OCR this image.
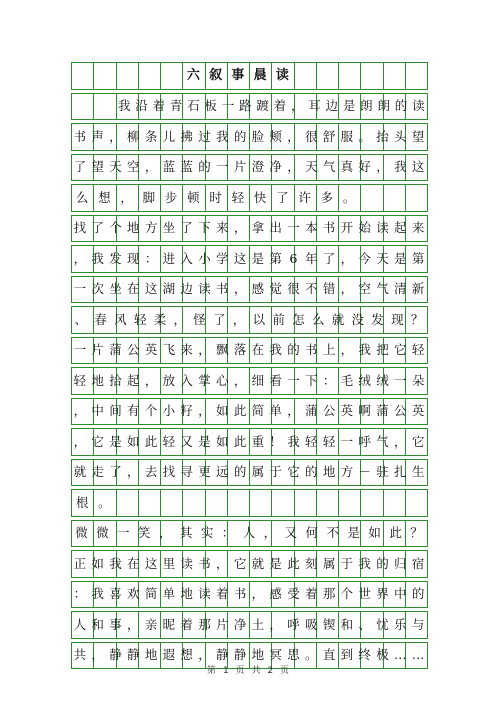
六 叙 事 晨 读
我 沿 着 青 石 板 一 路 踱 着 ， 耳 边 是 朗 朗 的 读
书 声 ， 柳 条 儿 拂 过 我 的 脸 颊 ， 很 舒 服 。 抬 头 望
了 望 天 空 ， 蓝 蓝 的 一 片 澄 净 ， 天 气 真 好 ， 我 这
么 想 ， 脚 步 顿 时 轻 快 了 许 多 。
找 了 个 地 方 坐 了 下 来 ， 拿 出 一 本 书 开 始 读 起 来
， 我 发 现 ： 进 入 小 学 这 是 第 6 年 了 ， 今 天 是 第
一 次 坐 在 这 湖 边 读 书 ， 感 觉 很 不 错 ， 空 气 清 新
、 春 风 轻 柔 ， 怪 了 ， 以 前 怎 么 就 没 发 现 ？
一 片 蒲 公 英 飞 来 ， 飘 落 在 我 的 书 上 ， 我 把 它 轻
轻 地 拾 起 ， 放 入 掌 心 ， 细 看 一 下 ： 毛 绒 绒 一 朵
， 中 间 有 个 小 籽 ， 如 此 简 单 ， 蒲 公 英 啊 蒲 公 英
， 它 是 如 此 轻 又 是 如 此 重 ！ 我 轻 轻 一 呼 气 ， 它
就 走 了 ， 去 找 寻 更 远 的 属 于 它 的 地 方 － 驻 扎 生
根 。
微 微 一 笑 ， 其 实 ： 人 ， 又 何 不 是 如 此 ？
正 如 我 在 这 里 读 书 ， 它 就 是 此 刻 属 于 我 的 归 宿
： 我 喜 欢 简 单 地 读 着 书 ， 感 受 着 那 个 世 界 中 的
人 和 事 ， 亲 昵 着 那 片 净 土 ， 呼 吸 锲 和 、 忧 乐 与
共 ， 静 静 地 遐 想 ， 静 静 地 冥 思 。 直 到 终 极 … …
第 1 页 共 2 页
